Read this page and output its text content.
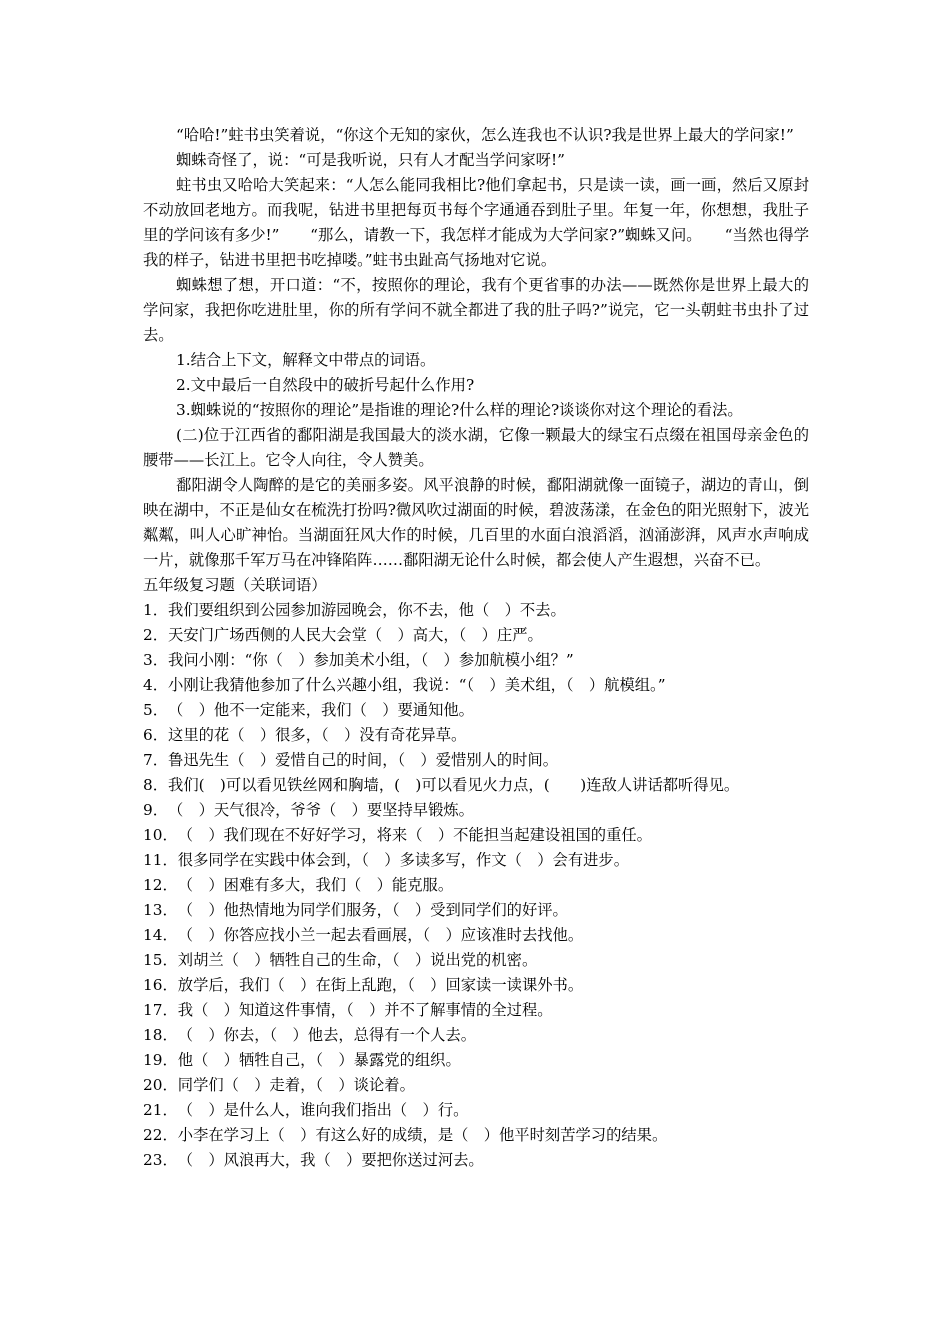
“哈哈!”蛀书虫笑着说，“你这个无知的家伙，怎么连我也不认识?我是世界上最大的学问家!”

蜘蛛奇怪了，说：“可是我听说，只有人才配当学问家呀!”

蛀书虫又哈哈大笑起来：“人怎么能同我相比?他们拿起书，只是读一读，画一画，然后又原封不动放回老地方。而我呢，钻进书里把每页书每个字通通吞到肚子里。年复一年，你想想，我肚子里的学问该有多少!”　　“那么，请教一下，我怎样才能成为大学问家?”蜘蛛又问。　　“当然也得学我的样子，钻进书里把书吃掉喽。”蛀书虫趾高气扬地对它说。

蜘蛛想了想，开口道：“不，按照你的理论，我有个更省事的办法——既然你是世界上最大的学问家，我把你吃进肚里，你的所有学问不就全都进了我的肚子吗?”说完，它一头朝蛀书虫扑了过去。

1.结合上下文，解释文中带点的词语。

2.文中最后一自然段中的破折号起什么作用?

3.蜘蛛说的“按照你的理论”是指谁的理论?什么样的理论?谈谈你对这个理论的看法。

(二)位于江西省的鄱阳湖是我国最大的淡水湖，它像一颗最大的绿宝石点缀在祖国母亲金色的腰带——长江上。它令人向往，令人赞美。

鄱阳湖令人陶醉的是它的美丽多姿。风平浪静的时候，鄱阳湖就像一面镜子，湖边的青山，倒映在湖中，不正是仙女在梳洗打扮吗?微风吹过湖面的时候，碧波荡漾，在金色的阳光照射下，波光粼粼，叫人心旷神怡。当湖面狂风大作的时候，几百里的水面白浪滔滔，汹涌澎湃，风声水声响成一片，就像那千军万马在冲锋陷阵……鄱阳湖无论什么时候，都会使人产生遐想，兴奋不已。

五年级复习题（关联词语）

1．我们要组织到公园参加游园晚会，你不去，他（　）不去。

2．天安门广场西侧的人民大会堂（　）高大，（　）庄严。

3．我问小刚：“你（　）参加美术小组，（　）参加航模小组？”

4．小刚让我猜他参加了什么兴趣小组，我说：“（　）美术组，（　）航模组。”

5．（　）他不一定能来，我们（　）要通知他。

6．这里的花（　）很多，（　）没有奇花异草。

7．鲁迅先生（　）爱惜自己的时间，（　）爱惜别人的时间。

8．我们(　)可以看见铁丝网和胸墙，(　)可以看见火力点，(　　)连敌人讲话都听得见。

9．（　）天气很冷，爷爷（　）要坚持早锻炼。

10．（　）我们现在不好好学习，将来（　）不能担当起建设祖国的重任。

11．很多同学在实践中体会到，（　）多读多写，作文（　）会有进步。

12．（　）困难有多大，我们（　）能克服。

13．（　）他热情地为同学们服务，（　）受到同学们的好评。

14．（　）你答应找小兰一起去看画展，（　）应该准时去找他。

15．刘胡兰（　）牺牲自己的生命，（　）说出党的机密。

16．放学后，我们（　）在街上乱跑，（　）回家读一读课外书。

17．我（　）知道这件事情，（　）并不了解事情的全过程。

18．（　）你去，（　）他去，总得有一个人去。

19．他（　）牺牲自己，（　）暴露党的组织。

20．同学们（　）走着，（　）谈论着。

21．（　）是什么人，谁向我们指出（　）行。

22．小李在学习上（　）有这么好的成绩，是（　）他平时刻苦学习的结果。

23．（　）风浪再大，我（　）要把你送过河去。
